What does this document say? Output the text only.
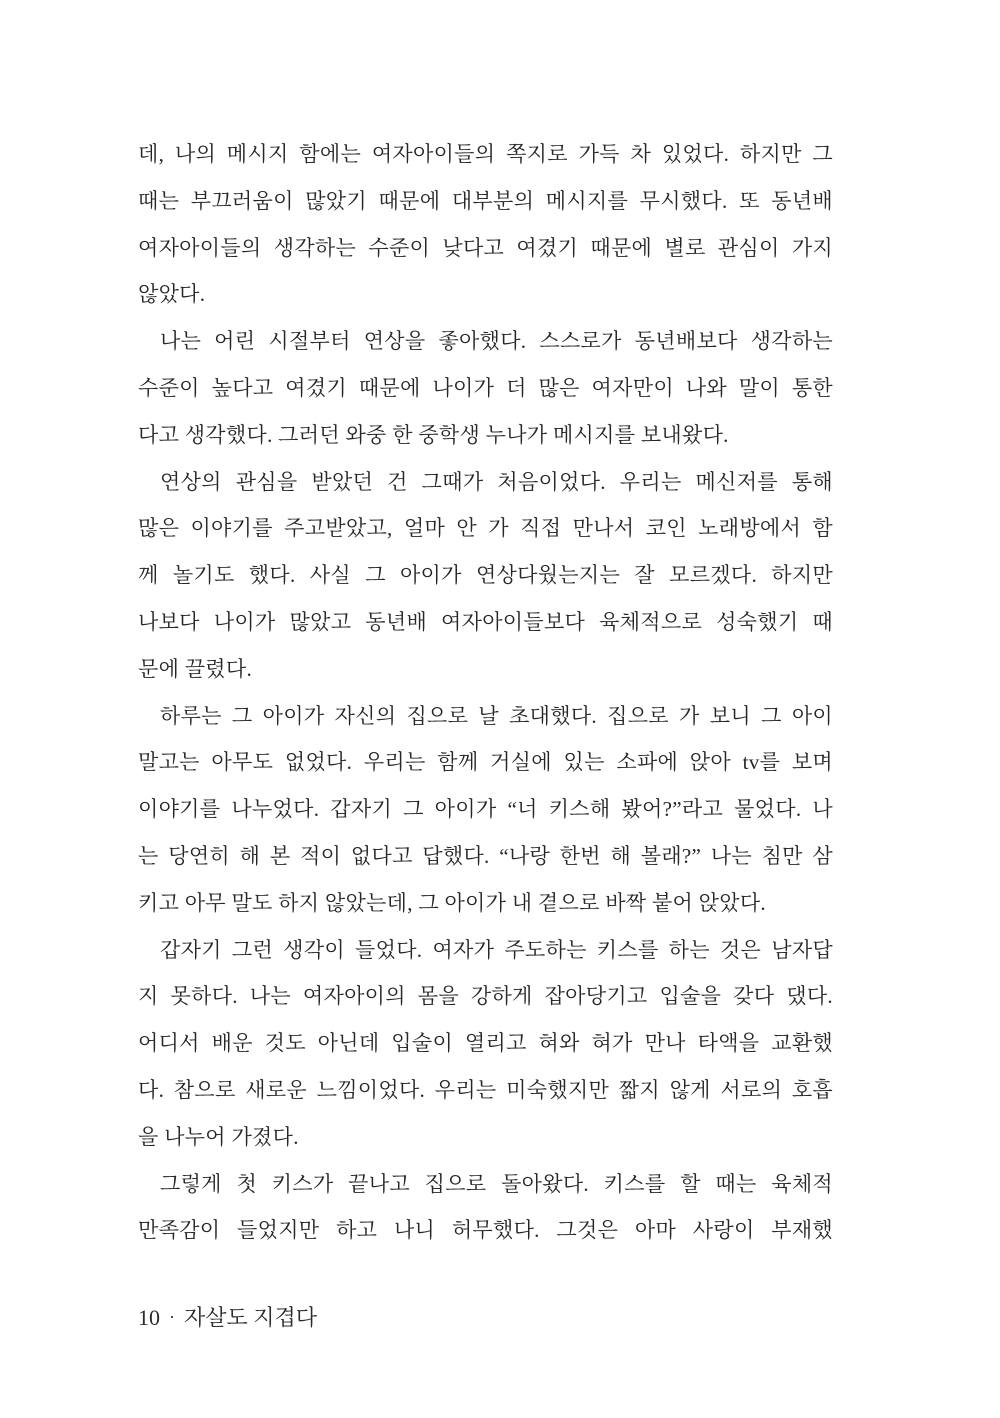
데, 나의 메시지 함에는 여자아이들의 쪽지로 가득 차 있었다. 하지만 그
때는 부끄러움이 많았기 때문에 대부분의 메시지를 무시했다. 또 동년배
여자아이들의 생각하는 수준이 낮다고 여겼기 때문에 별로 관심이 가지
않았다.
나는 어린 시절부터 연상을 좋아했다. 스스로가 동년배보다 생각하는
수준이 높다고 여겼기 때문에 나이가 더 많은 여자만이 나와 말이 통한
다고 생각했다. 그러던 와중 한 중학생 누나가 메시지를 보내왔다.
연상의 관심을 받았던 건 그때가 처음이었다. 우리는 메신저를 통해
많은 이야기를 주고받았고, 얼마 안 가 직접 만나서 코인 노래방에서 함
께 놀기도 했다. 사실 그 아이가 연상다웠는지는 잘 모르겠다. 하지만
나보다 나이가 많았고 동년배 여자아이들보다 육체적으로 성숙했기 때
문에 끌렸다.
하루는 그 아이가 자신의 집으로 날 초대했다. 집으로 가 보니 그 아이
말고는 아무도 없었다. 우리는 함께 거실에 있는 소파에 앉아 tv를 보며
이야기를 나누었다. 갑자기 그 아이가 “너 키스해 봤어?”라고 물었다. 나
는 당연히 해 본 적이 없다고 답했다. “나랑 한번 해 볼래?” 나는 침만 삼
키고 아무 말도 하지 않았는데, 그 아이가 내 곁으로 바짝 붙어 앉았다.
갑자기 그런 생각이 들었다. 여자가 주도하는 키스를 하는 것은 남자답
지 못하다. 나는 여자아이의 몸을 강하게 잡아당기고 입술을 갖다 댔다.
어디서 배운 것도 아닌데 입술이 열리고 혀와 혀가 만나 타액을 교환했
다. 참으로 새로운 느낌이었다. 우리는 미숙했지만 짧지 않게 서로의 호흡
을 나누어 가졌다.
그렇게 첫 키스가 끝나고 집으로 돌아왔다. 키스를 할 때는 육체적
만족감이 들었지만 하고 나니 허무했다. 그것은 아마 사랑이 부재했
10 · 자살도 지겹다
